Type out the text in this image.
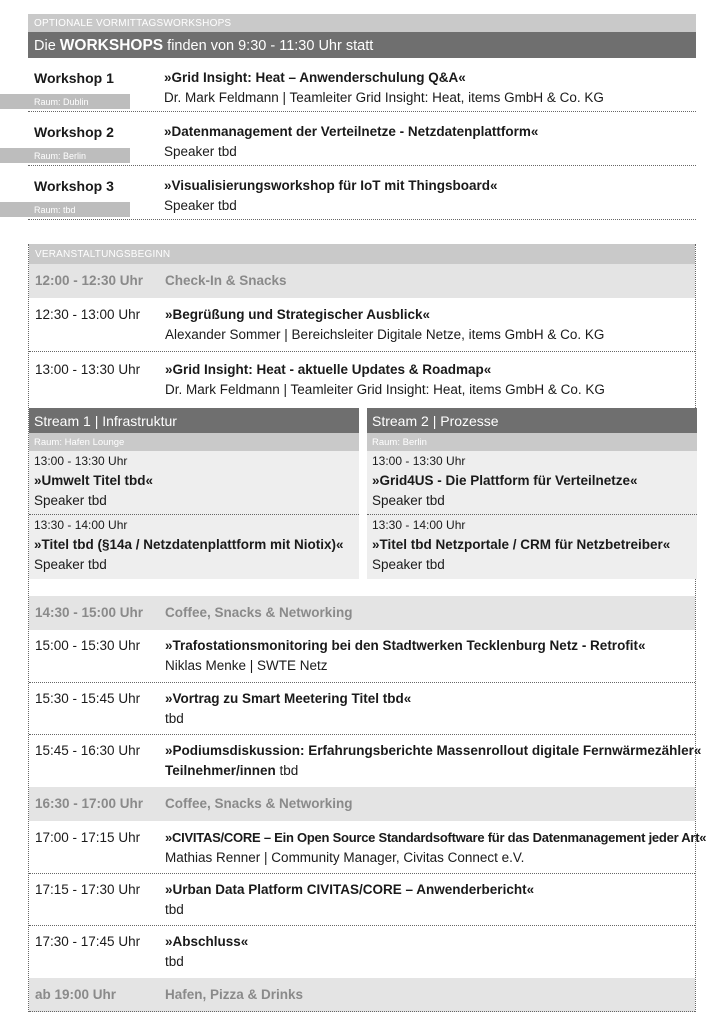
OPTIONALE VORMITTAGSWORKSHOPS
Die WORKSHOPS finden von 9:30 - 11:30 Uhr statt
Workshop 1
Raum: Dublin
»Grid Insight: Heat – Anwenderschulung Q&A«
Dr. Mark Feldmann | Teamleiter Grid Insight: Heat, items GmbH & Co. KG
Workshop 2
Raum: Berlin
»Datenmanagement der Verteilnetze - Netzdatenplattform«
Speaker tbd
Workshop 3
Raum: tbd
»Visualisierungsworkshop für IoT mit Thingsboard«
Speaker tbd
VERANSTALTUNGSBEGINN
12:00 - 12:30 Uhr Check-In & Snacks
12:30 - 13:00 Uhr »Begrüßung und Strategischer Ausblick«
Alexander Sommer | Bereichsleiter Digitale Netze, items GmbH & Co. KG
13:00 - 13:30 Uhr »Grid Insight: Heat - aktuelle Updates & Roadmap«
Dr. Mark Feldmann | Teamleiter Grid Insight: Heat, items GmbH & Co. KG
Stream 1 | Infrastruktur
Raum: Hafen Lounge
13:00 - 13:30 Uhr
»Umwelt Titel tbd«
Speaker tbd
13:30 - 14:00 Uhr
»Titel tbd (§14a / Netzdatenplattform mit Niotix)«
Speaker tbd
Stream 2 | Prozesse
Raum: Berlin
13:00 - 13:30 Uhr
»Grid4US - Die Plattform für Verteilnetze«
Speaker tbd
13:30 - 14:00 Uhr
»Titel tbd Netzportale / CRM für Netzbetreiber«
Speaker tbd
14:30 - 15:00 Uhr Coffee, Snacks & Networking
15:00 - 15:30 Uhr »Trafostationsmonitoring bei den Stadtwerken Tecklenburg Netz - Retrofit«
Niklas Menke | SWTE Netz
15:30 - 15:45 Uhr »Vortrag zu Smart Meetering Titel tbd«
tbd
15:45 - 16:30 Uhr »Podiumsdiskussion: Erfahrungsberichte Massenrollout digitale Fernwärmezähler«
Teilnehmer/innen tbd
16:30 - 17:00 Uhr Coffee, Snacks & Networking
17:00 - 17:15 Uhr »CIVITAS/CORE – Ein Open Source Standardsoftware für das Datenmanagement jeder Art«
Mathias Renner | Community Manager, Civitas Connect e.V.
17:15 - 17:30 Uhr »Urban Data Platform CIVITAS/CORE – Anwenderbericht«
tbd
17:30 - 17:45 Uhr »Abschluss«
tbd
ab 19:00 Uhr	Hafen, Pizza & Drinks
